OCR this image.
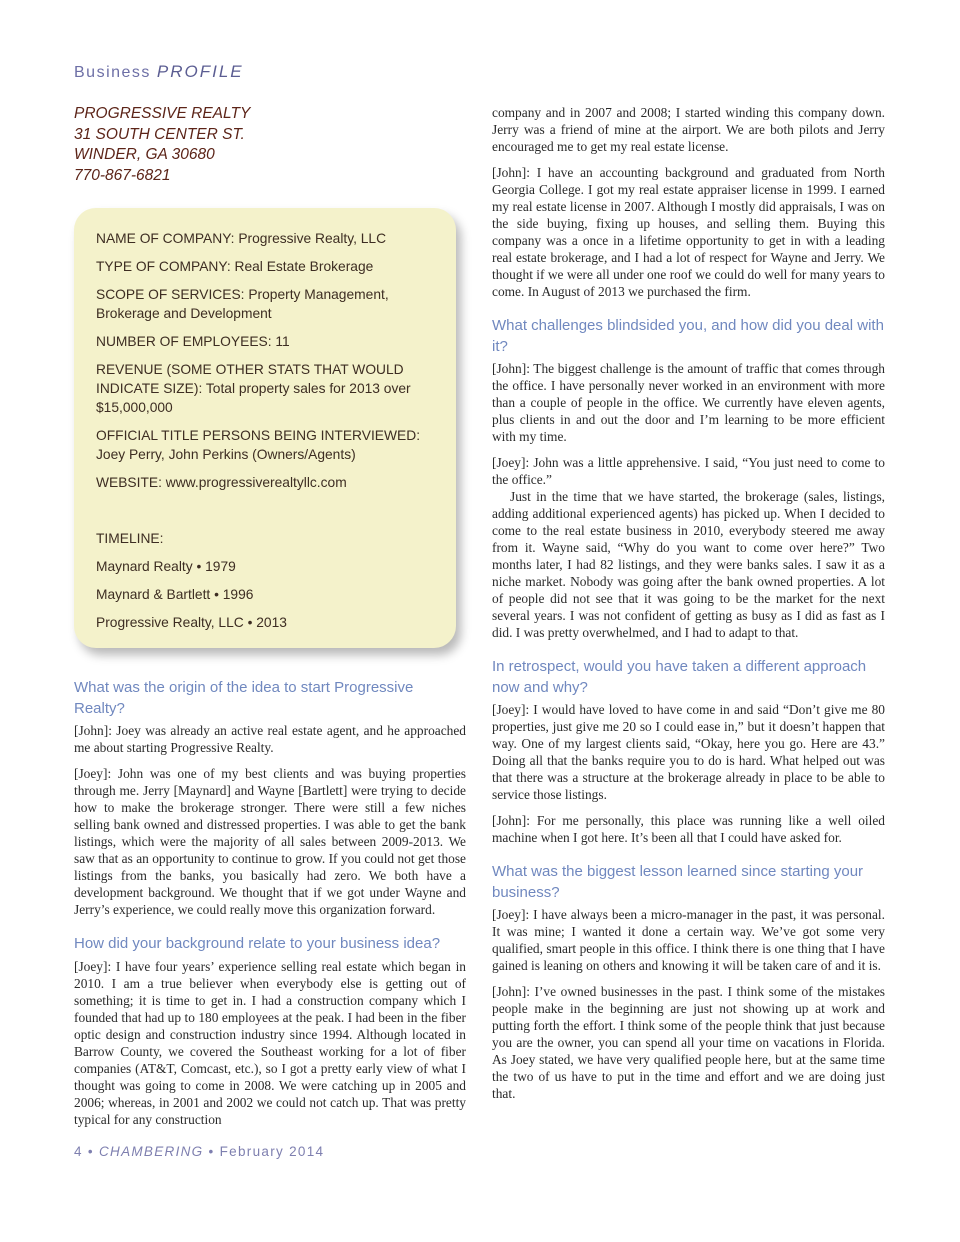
Business PROFILE
PROGRESSIVE REALTY
31 SOUTH CENTER ST.
WINDER, GA 30680
770-867-6821

NAME OF COMPANY: Progressive Realty, LLC

TYPE OF COMPANY: Real Estate Brokerage

SCOPE OF SERVICES: Property Management, Brokerage and Development

NUMBER OF EMPLOYEES: 11

REVENUE (SOME OTHER STATS THAT WOULD INDICATE SIZE): Total property sales for 2013 over $15,000,000

OFFICIAL TITLE PERSONS BEING INTERVIEWED: Joey Perry, John Perkins (Owners/Agents)

WEBSITE: www.progressiverealtyllc.com

TIMELINE:

Maynard Realty • 1979

Maynard & Bartlett • 1996

Progressive Realty, LLC • 2013

What was the origin of the idea to start Progressive Realty?

[John]: Joey was already an active real estate agent, and he approached me about starting Progressive Realty.

[Joey]: John was one of my best clients and was buying properties through me. Jerry [Maynard] and Wayne [Bartlett] were trying to decide how to make the brokerage stronger. There were still a few niches selling bank owned and distressed properties. I was able to get the bank listings, which were the majority of all sales between 2009-2013. We saw that as an opportunity to continue to grow. If you could not get those listings from the banks, you basically had zero. We both have a development background. We thought that if we got under Wayne and Jerry’s experience, we could really move this organization forward.

How did your background relate to your business idea?

[Joey]: I have four years’ experience selling real estate which began in 2010. I am a true believer when everybody else is getting out of something; it is time to get in. I had a construction company which I founded that had up to 180 employees at the peak. I had been in the fiber optic design and construction industry since 1994. Although located in Barrow County, we covered the Southeast working for a lot of fiber companies (AT&T, Comcast, etc.), so I got a pretty early view of what I thought was going to come in 2008. We were catching up in 2005 and 2006; whereas, in 2001 and 2002 we could not catch up. That was pretty typical for any construction

company and in 2007 and 2008; I started winding this company down. Jerry was a friend of mine at the airport. We are both pilots and Jerry encouraged me to get my real estate license.

[John]: I have an accounting background and graduated from North Georgia College. I got my real estate appraiser license in 1999. I earned my real estate license in 2007. Although I mostly did appraisals, I was on the side buying, fixing up houses, and selling them. Buying this company was a once in a lifetime opportunity to get in with a leading real estate brokerage, and I had a lot of respect for Wayne and Jerry. We thought if we were all under one roof we could do well for many years to come. In August of 2013 we purchased the firm.

What challenges blindsided you, and how did you deal with it?

[John]: The biggest challenge is the amount of traffic that comes through the office. I have personally never worked in an environment with more than a couple of people in the office. We currently have eleven agents, plus clients in and out the door and I’m learning to be more efficient with my time.

[Joey]: John was a little apprehensive. I said, “You just need to come to the office.”

Just in the time that we have started, the brokerage (sales, listings, adding additional experienced agents) has picked up. When I decided to come to the real estate business in 2010, everybody steered me away from it. Wayne said, “Why do you want to come over here?” Two months later, I had 82 listings, and they were banks sales. I saw it as a niche market. Nobody was going after the bank owned properties. A lot of people did not see that it was going to be the market for the next several years. I was not confident of getting as busy as I did as fast as I did. I was pretty overwhelmed, and I had to adapt to that.

In retrospect, would you have taken a different approach now and why?

[Joey]: I would have loved to have come in and said “Don’t give me 80 properties, just give me 20 so I could ease in,” but it doesn’t happen that way. One of my largest clients said, “Okay, here you go. Here are 43.” Doing all that the banks require you to do is hard. What helped out was that there was a structure at the brokerage already in place to be able to service those listings.

[John]: For me personally, this place was running like a well oiled machine when I got here. It’s been all that I could have asked for.

What was the biggest lesson learned since starting your business?

[Joey]: I have always been a micro-manager in the past, it was personal. It was mine; I wanted it done a certain way. We’ve got some very qualified, smart people in this office. I think there is one thing that I have gained is leaning on others and knowing it will be taken care of and it is.

[John]: I’ve owned businesses in the past. I think some of the mistakes people make in the beginning are just not showing up at work and putting forth the effort. I think some of the people think that just because you are the owner, you can spend all your time on vacations in Florida. As Joey stated, we have very qualified people here, but at the same time the two of us have to put in the time and effort and we are doing just that.

4 • CHAMBERING • February 2014
